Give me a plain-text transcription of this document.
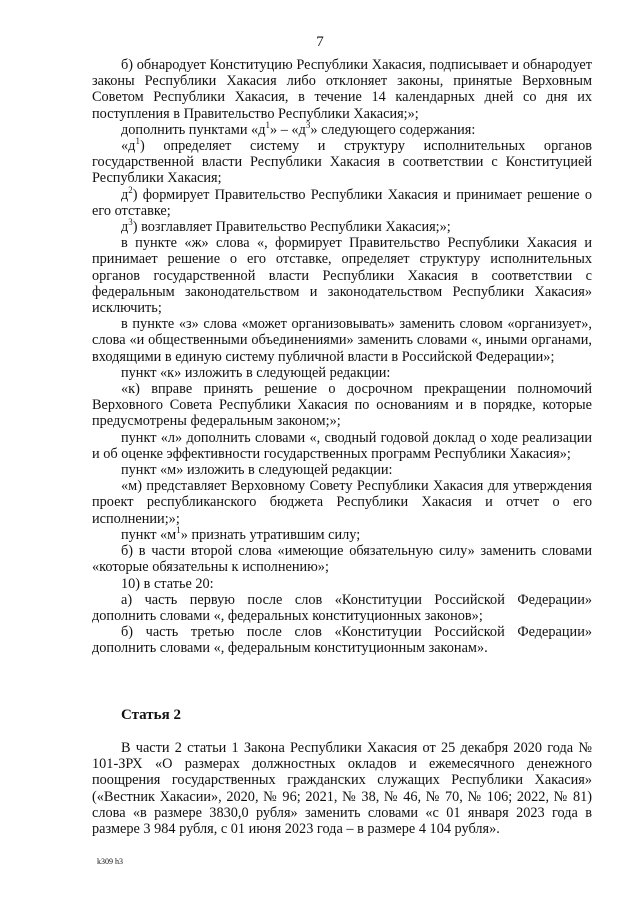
7

б) обнародует Конституцию Республики Хакасия, подписывает и обнародует законы Республики Хакасия либо отклоняет законы, принятые Верховным Советом Республики Хакасия, в течение 14 календарных дней со дня их поступления в Правительство Республики Хакасия;»;

дополнить пунктами «$д^1$» – «$д^3$» следующего содержания:

«$д^1$) определяет систему и структуру исполнительных органов государственной власти Республики Хакасия в соответствии с Конституцией Республики Хакасия;

$д^2$) формирует Правительство Республики Хакасия и принимает решение о его отставке;

$д^3$) возглавляет Правительство Республики Хакасия;»;

в пункте «ж» слова «, формирует Правительство Республики Хакасия и принимает решение о его отставке, определяет структуру исполнительных органов государственной власти Республики Хакасия в соответствии с федеральным законодательством и законодательством Республики Хакасия» исключить;

в пункте «з» слова «может организовывать» заменить словом «организует», слова «и общественными объединениями» заменить словами «, иными органами, входящими в единую систему публичной власти в Российской Федерации»;

пункт «к» изложить в следующей редакции:

«к) вправе принять решение о досрочном прекращении полномочий Верховного Совета Республики Хакасия по основаниям и в порядке, которые предусмотрены федеральным законом;»;

пункт «л» дополнить словами «, сводный годовой доклад о ходе реализации и об оценке эффективности государственных программ Республики Хакасия»;

пункт «м» изложить в следующей редакции:

«м) представляет Верховному Совету Республики Хакасия для утверждения проект республиканского бюджета Республики Хакасия и отчет о его исполнении;»;

пункт «$м^1$» признать утратившим силу;

б) в части второй слова «имеющие обязательную силу» заменить словами «которые обязательны к исполнению»;

10) в статье 20:

а) часть первую после слов «Конституции Российской Федерации» дополнить словами «, федеральных конституционных законов»;

б) часть третью после слов «Конституции Российской Федерации» дополнить словами «, федеральным конституционным законам».

Статья 2

В части 2 статьи 1 Закона Республики Хакасия от 25 декабря 2020 года № 101-ЗРХ «О размерах должностных окладов и ежемесячного денежного поощрения государственных гражданских служащих Республики Хакасия» («Вестник Хакасии», 2020, № 96; 2021, № 38, № 46, № 70, № 106; 2022, № 81) слова «в размере 3830,0 рубля» заменить словами «с 01 января 2023 года в размере 3 984 рубля, с 01 июня 2023 года – в размере 4 104 рубля».

k309 h3
